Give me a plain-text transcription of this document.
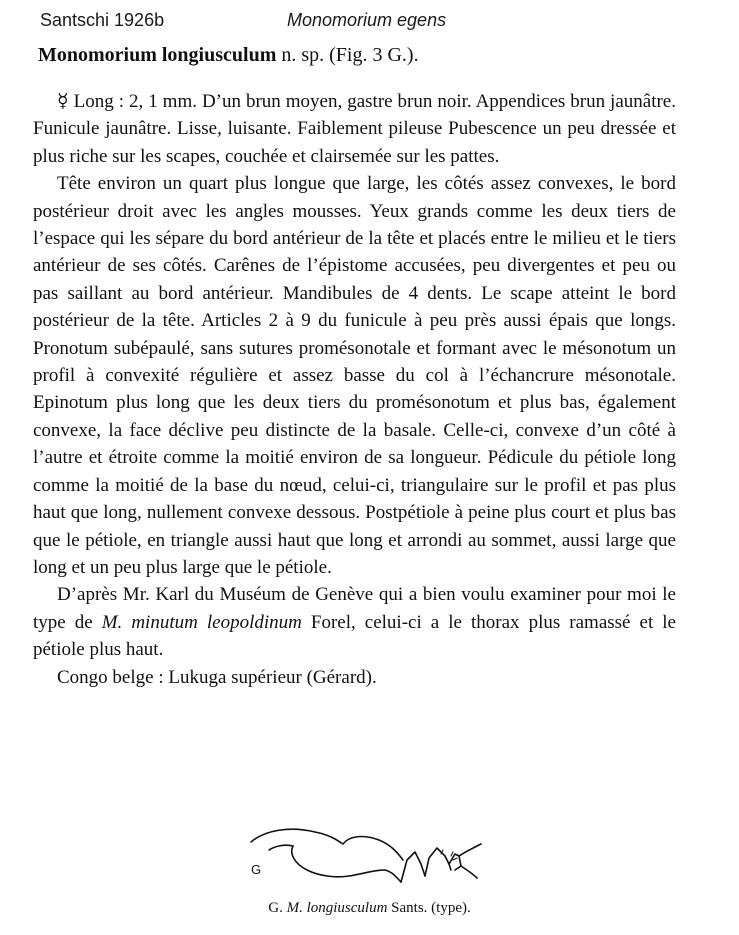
Santschi 1926b	Monomorium egens
Monomorium longiusculum n. sp. (Fig. 3 G.).

☿ Long : 2, 1 mm. D’un brun moyen, gastre brun noir. Appendices brun jaunâtre. Funicule jaunâtre. Lisse, luisante. Faiblement pileuse Pubescence un peu dressée et plus riche sur les scapes, couchée et clairsemée sur les pattes.

Tête environ un quart plus longue que large, les côtés assez convexes, le bord postérieur droit avec les angles mousses. Yeux grands comme les deux tiers de l’espace qui les sépare du bord antérieur de la tête et placés entre le milieu et le tiers antérieur de ses côtés. Carênes de l’épistome accusées, peu divergentes et peu ou pas saillant au bord antérieur. Mandibules de 4 dents. Le scape atteint le bord postérieur de la tête. Articles 2 à 9 du funicule à peu près aussi épais que longs. Pronotum subépaulé, sans sutures promésonotale et formant avec le mésonotum un profil à convexité régulière et assez basse du col à l’échancrure mésonotale. Epinotum plus long que les deux tiers du promésonotum et plus bas, également convexe, la face déclive peu distincte de la basale. Celle-ci, convexe d’un côté à l’autre et étroite comme la moitié environ de sa longueur. Pédicule du pétiole long comme la moitié de la base du nœud, celui-ci, triangulaire sur le profil et pas plus haut que long, nullement convexe dessous. Postpétiole à peine plus court et plus bas que le pétiole, en triangle aussi haut que long et arrondi au sommet, aussi large que long et un peu plus large que le pétiole.

D’après Mr. Karl du Muséum de Genève qui a bien voulu examiner pour moi le type de M. minutum leopoldinum Forel, celui-ci a le thorax plus ramassé et le pétiole plus haut.

Congo belge : Lukuga supérieur (Gérard).

G
G. M. longiusculum Sants. (type).
